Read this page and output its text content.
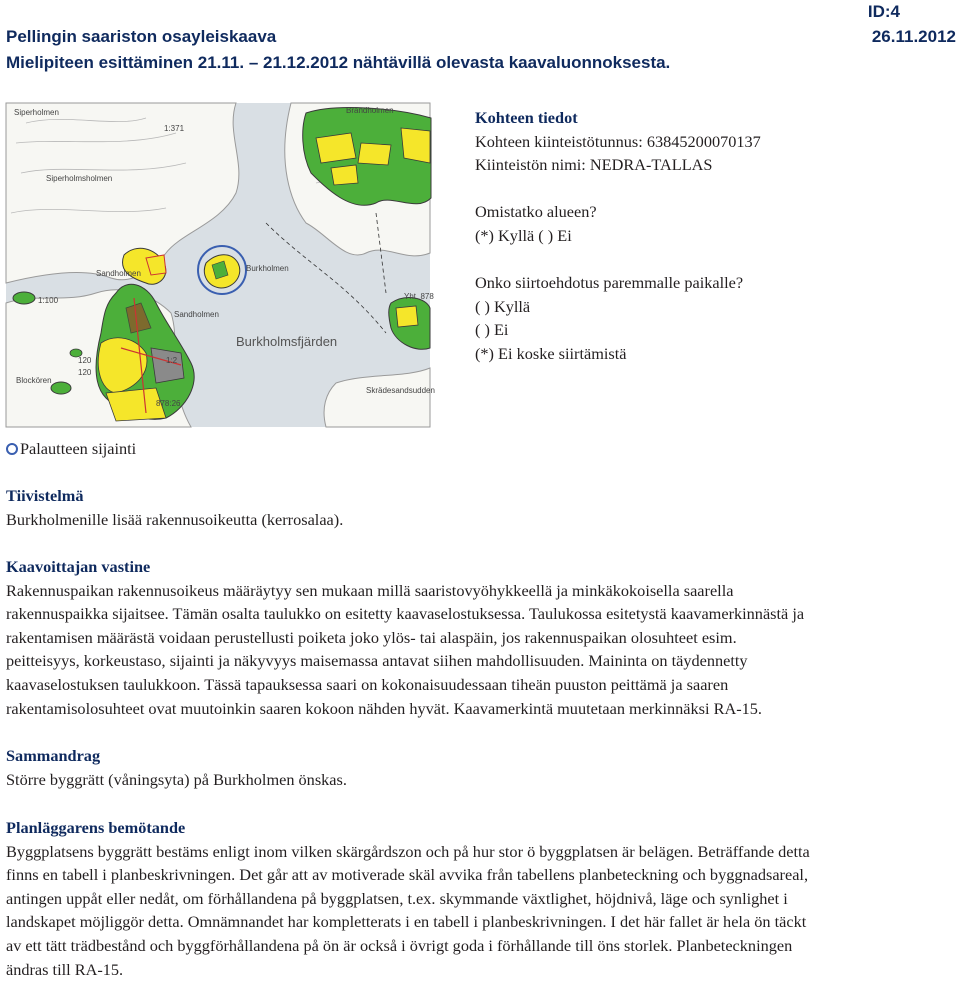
Pellingin saariston osayleiskaava
Mielipiteen esittäminen 21.11. – 21.12.2012 nähtävillä olevasta kaavaluonnoksesta.
ID:4
26.11.2012
Siperholmen
1:371
Brändholmen
Siperholmsholmen
Sandholmen
Burkholmen
Yht. 878
Sandholmen
Burkholmsfjärden
Skrädesandsudden
1:100
120
120
1:2
878:26
Blockören
Kohteen tiedot
Kohteen kiinteistötunnus: 63845200070137
Kiinteistön nimi: NEDRA-TALLAS
Omistatko alueen?
(*) Kyllä ( ) Ei
Onko siirtoehdotus paremmalle paikalle?
( ) Kyllä
( ) Ei
(*) Ei koske siirtämistä
Palautteen sijainti
Tiivistelmä
Burkholmenille lisää rakennusoikeutta (kerrosalaa).
Kaavoittajan vastine
Rakennuspaikan rakennusoikeus määräytyy sen mukaan millä saaristovyöhykkeellä ja minkäkokoisella saarella
rakennuspaikka sijaitsee. Tämän osalta taulukko on esitetty kaavaselostuksessa. Taulukossa esitetystä kaavamerkinnästä ja
rakentamisen määrästä voidaan perustellusti poiketa joko ylös- tai alaspäin, jos rakennuspaikan olosuhteet esim.
peitteisyys, korkeustaso, sijainti ja näkyvyys maisemassa antavat siihen mahdollisuuden. Maininta on täydennetty
kaavaselostuksen taulukkoon. Tässä tapauksessa saari on kokonaisuudessaan tiheän puuston peittämä ja saaren
rakentamisolosuhteet ovat muutoinkin saaren kokoon nähden hyvät. Kaavamerkintä muutetaan merkinnäksi RA-15.
Sammandrag
Större byggrätt (våningsyta) på Burkholmen önskas.
Planläggarens bemötande
Byggplatsens byggrätt bestäms enligt inom vilken skärgårdszon och på hur stor ö byggplatsen är belägen. Beträffande detta
finns en tabell i planbeskrivningen. Det går att av motiverade skäl avvika från tabellens planbeteckning och byggnadsareal,
antingen uppåt eller nedåt, om förhållandena på byggplatsen, t.ex. skymmande växtlighet, höjdnivå, läge och synlighet i
landskapet möjliggör detta. Omnämnandet har kompletterats i en tabell i planbeskrivningen. I det här fallet är hela ön täckt
av ett tätt trädbestånd och byggförhållandena på ön är också i övrigt goda i förhållande till öns storlek. Planbeteckningen
ändras till RA-15.
